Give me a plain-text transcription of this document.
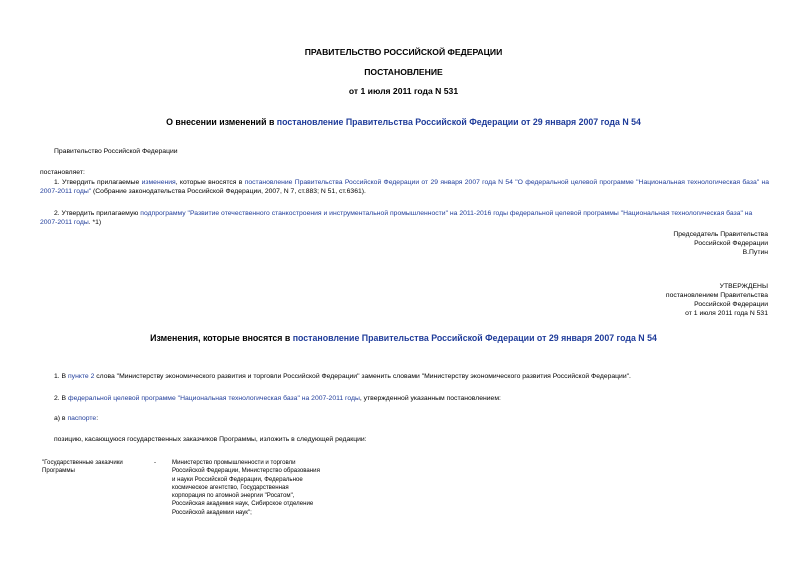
ПРАВИТЕЛЬСТВО РОССИЙСКОЙ ФЕДЕРАЦИИ
ПОСТАНОВЛЕНИЕ
от 1 июля 2011 года N 531
О внесении изменений в постановление Правительства Российской Федерации от 29 января 2007 года N 54
Правительство Российской Федерации
постановляет:
1. Утвердить прилагаемые изменения, которые вносятся в постановление Правительства Российской Федерации от 29 января 2007 года N 54 "О федеральной целевой программе "Национальная технологическая база" на 2007-2011 годы" (Собрание законодательства Российской Федерации, 2007, N 7, ст.883; N 51, ст.6361).
2. Утвердить прилагаемую подпрограмму "Развитие отечественного станкостроения и инструментальной промышленности" на 2011-2016 годы федеральной целевой программы "Национальная технологическая база" на 2007-2011 годы. *1)
Председатель Правительства
Российской Федерации
В.Путин
УТВЕРЖДЕНЫ
постановлением Правительства
Российской Федерации
от 1 июля 2011 года N 531
Изменения, которые вносятся в постановление Правительства Российской Федерации от 29 января 2007 года N 54
1. В пункте 2 слова "Министерству экономического развития и торговли Российской Федерации" заменить словами "Министерству экономического развития Российской Федерации".
2. В федеральной целевой программе "Национальная технологическая база" на 2007-2011 годы, утвержденной указанным постановлением:
а) в паспорте:
позицию, касающуюся государственных заказчиков Программы, изложить в следующей редакции:
"Государственные заказчики
Программы
-	Министерство промышленности и торговли
Российской Федерации, Министерство образования
и науки Российской Федерации, Федеральное
космическое агентство, Государственная
корпорация по атомной энергии "Росатом",
Российская академия наук, Сибирское отделение
Российской академии наук";
